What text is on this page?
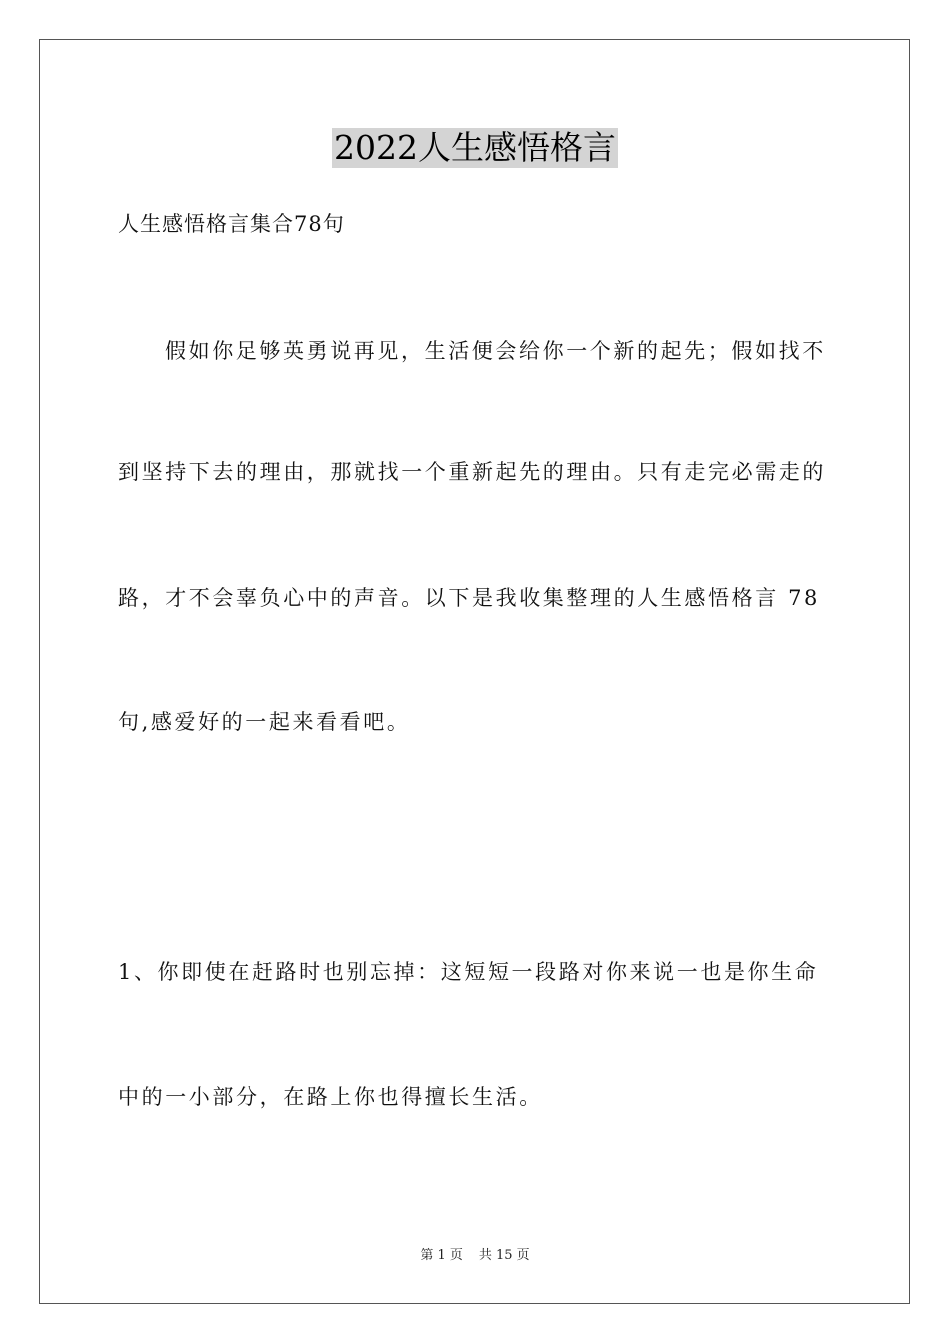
2022人生感悟格言
人生感悟格言集合78句
假如你足够英勇说再见，生活便会给你一个新的起先；假如找不
到坚持下去的理由，那就找一个重新起先的理由。只有走完必需走的
路，才不会辜负心中的声音。以下是我收集整理的人生感悟格言 78
句,感爱好的一起来看看吧。
1、你即使在赶路时也别忘掉：这短短一段路对你来说一也是你生命
中的一小部分，在路上你也得擅长生活。
第 1 页 共 15 页
